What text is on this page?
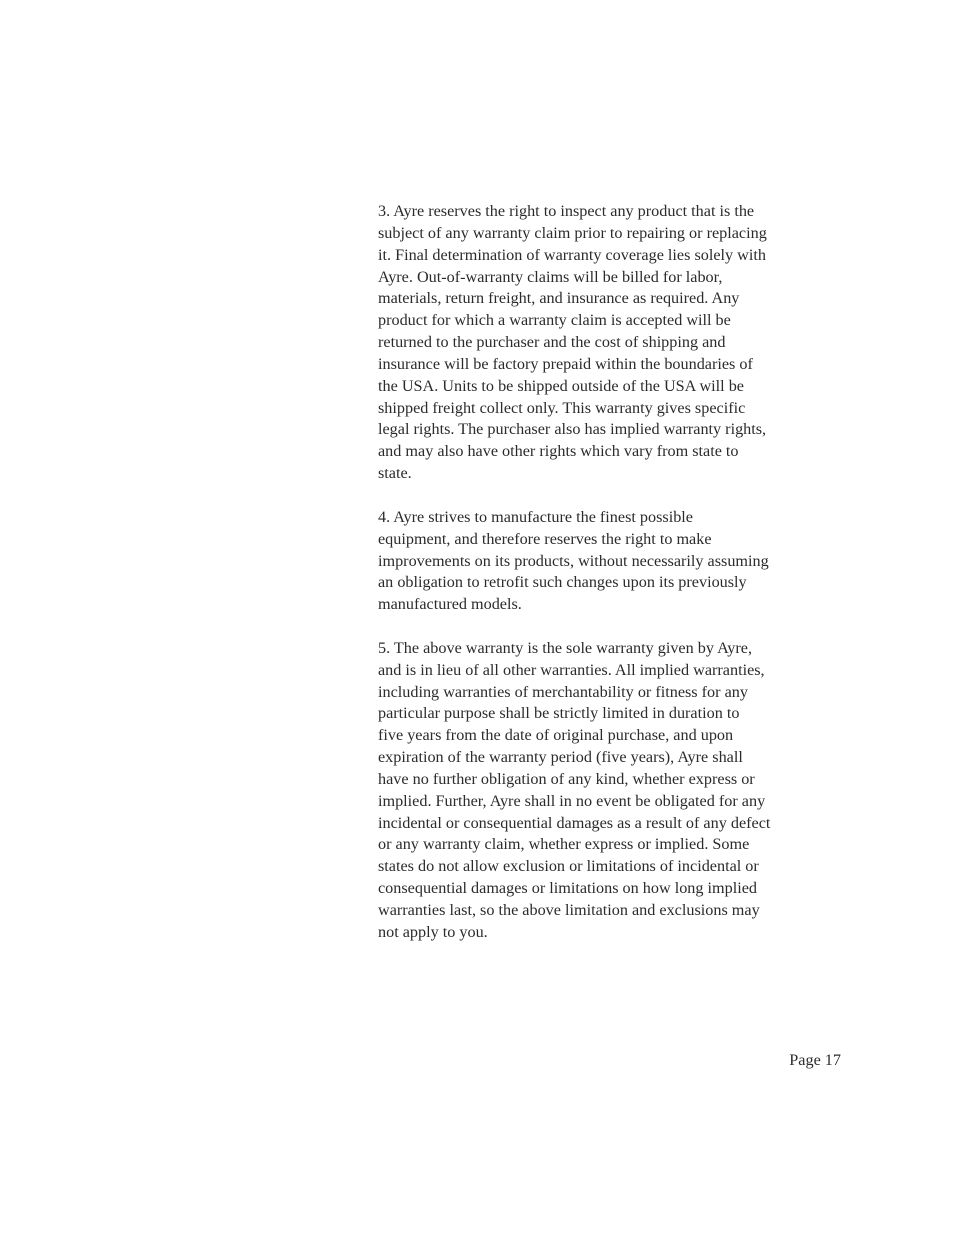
3. Ayre reserves the right to inspect any product that is the
subject of any warranty claim prior to repairing or replacing
it. Final determination of warranty coverage lies solely with
Ayre. Out-of-warranty claims will be billed for labor,
materials, return freight, and insurance as required. Any
product for which a warranty claim is accepted will be
returned to the purchaser and the cost of shipping and
insurance will be factory prepaid within the boundaries of
the USA. Units to be shipped outside of the USA will be
shipped freight collect only. This warranty gives specific
legal rights. The purchaser also has implied warranty rights,
and may also have other rights which vary from state to
state.

4. Ayre strives to manufacture the finest possible
equipment, and therefore reserves the right to make
improvements on its products, without necessarily assuming
an obligation to retrofit such changes upon its previously
manufactured models.

5. The above warranty is the sole warranty given by Ayre,
and is in lieu of all other warranties. All implied warranties,
including warranties of merchantability or fitness for any
particular purpose shall be strictly limited in duration to
five years from the date of original purchase, and upon
expiration of the warranty period (five years), Ayre shall
have no further obligation of any kind, whether express or
implied. Further, Ayre shall in no event be obligated for any
incidental or consequential damages as a result of any defect
or any warranty claim, whether express or implied. Some
states do not allow exclusion or limitations of incidental or
consequential damages or limitations on how long implied
warranties last, so the above limitation and exclusions may
not apply to you.

Page 17
